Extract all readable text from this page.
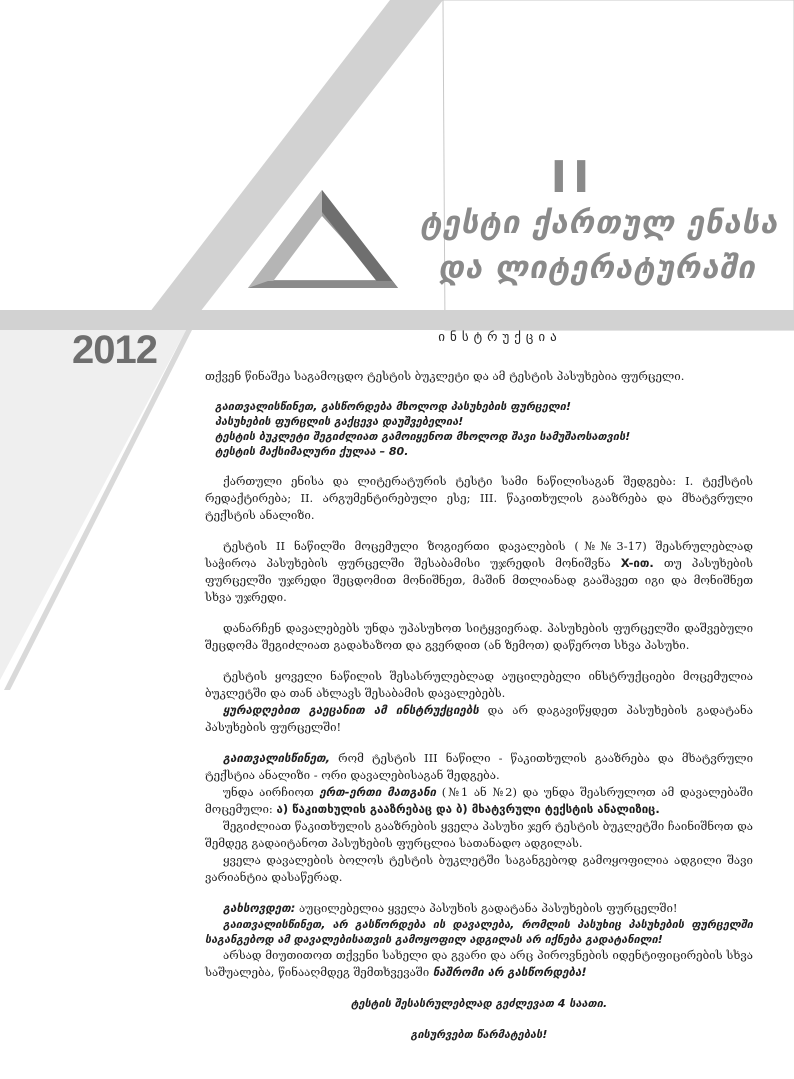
II
ტესტი ქართულ ენასა
და ლიტერატურაში
2012	ინსტრუქცია

თქვენ წინაშეა საგამოცდო ტესტის ბუკლეტი და ამ ტესტის პასუხებია ფურცელი.

გაითვალისწინეთ, გასწორდება მხოლოდ პასუხების ფურცელი!
პასუხების ფურცლის გაქცევა დაუშვებელია!
ტესტის ბუკლეტი შეგიძლიათ გამოიყენოთ მხოლოდ შავი სამუშაოსათვის!
ტესტის მაქსიმალური ქულაა – 80.

ქართული ენისა და ლიტერატურის ტესტი სამი ნაწილისაგან შედგება: I. ტექსტის რედაქტირება; II. არგუმენტირებული ესე; III. წაკითხულის გააზრება და მხატვრული ტექსტის ანალიზი.

ტესტის II ნაწილში მოცემული ზოგიერთი დავალების (№№3-17) შეასრულებლად საჭიროა პასუხების ფურცელში შესაბამისი უჯრედის მონიშვნა X-ით. თუ პასუხების ფურცელში უჯრედი შეცდომით მონიშნეთ, მაშინ მთლიანად გააშავეთ იგი და მონიშნეთ სხვა უჯრედი.

დანარჩენ დავალებებს უნდა უპასუხოთ სიტყვიერად. პასუხების ფურცელში დაშვებული შეცდომა შეგიძლიათ გადახაზოთ და გვერდით (ან ზემოთ) დაწეროთ სხვა პასუხი.

ტესტის ყოველი ნაწილის შესასრულებლად აუცილებელი ინსტრუქციები მოცემულია ბუკლეტში და თან ახლავს შესაბამის დავალებებს.

ყურადღებით გაეცანით ამ ინსტრუქციებს და არ დაგავიწყდეთ პასუხების გადატანა პასუხების ფურცელში!

გაითვალისწინეთ, რომ ტესტის III ნაწილი - წაკითხულის გააზრება და მხატვრული ტექსტია ანალიზი - ორი დავალებისაგან შედგება.

უნდა აირჩიოთ ერთ-ერთი მათგანი (№1 ან №2) და უნდა შეასრულოთ ამ დავალებაში მოცემული: ა) წაკითხულის გააზრებაც და ბ) მხატვრული ტექსტის ანალიზიც.

შეგიძლიათ წაკითხულის გააზრების ყველა პასუხი ჯერ ტესტის ბუკლეტში ჩაინიშნოთ და შემდეგ გადაიტანოთ პასუხების ფურცლია სათანადო ადგილას.

ყველა დავალების ბოლოს ტესტის ბუკლეტში საგანგებოდ გამოყოფილია ადგილი შავი ვარიანტია დასაწერად.

გახსოვდეთ: აუცილებელია ყველა პასუხის გადატანა პასუხების ფურცელში!

გაითვალისწინეთ, არ გასწორდება ის დავალება, რომლის პასუხიც პასუხების ფურცელში საგანგებოდ ამ დავალებისათვის გამოყოფილ ადგილას არ იქნება გადატანილი!

არსად მიუთითოთ თქვენი სახელი და გვარი და არც პიროვნების იდენტიფიცირების სხვა საშუალება, წინააღმდეგ შემთხვევაში ნაშრომი არ გასწორდება!

ტესტის შესასრულებლად გეძლევათ 4 საათი.
გისურვებთ წარმატებას!
